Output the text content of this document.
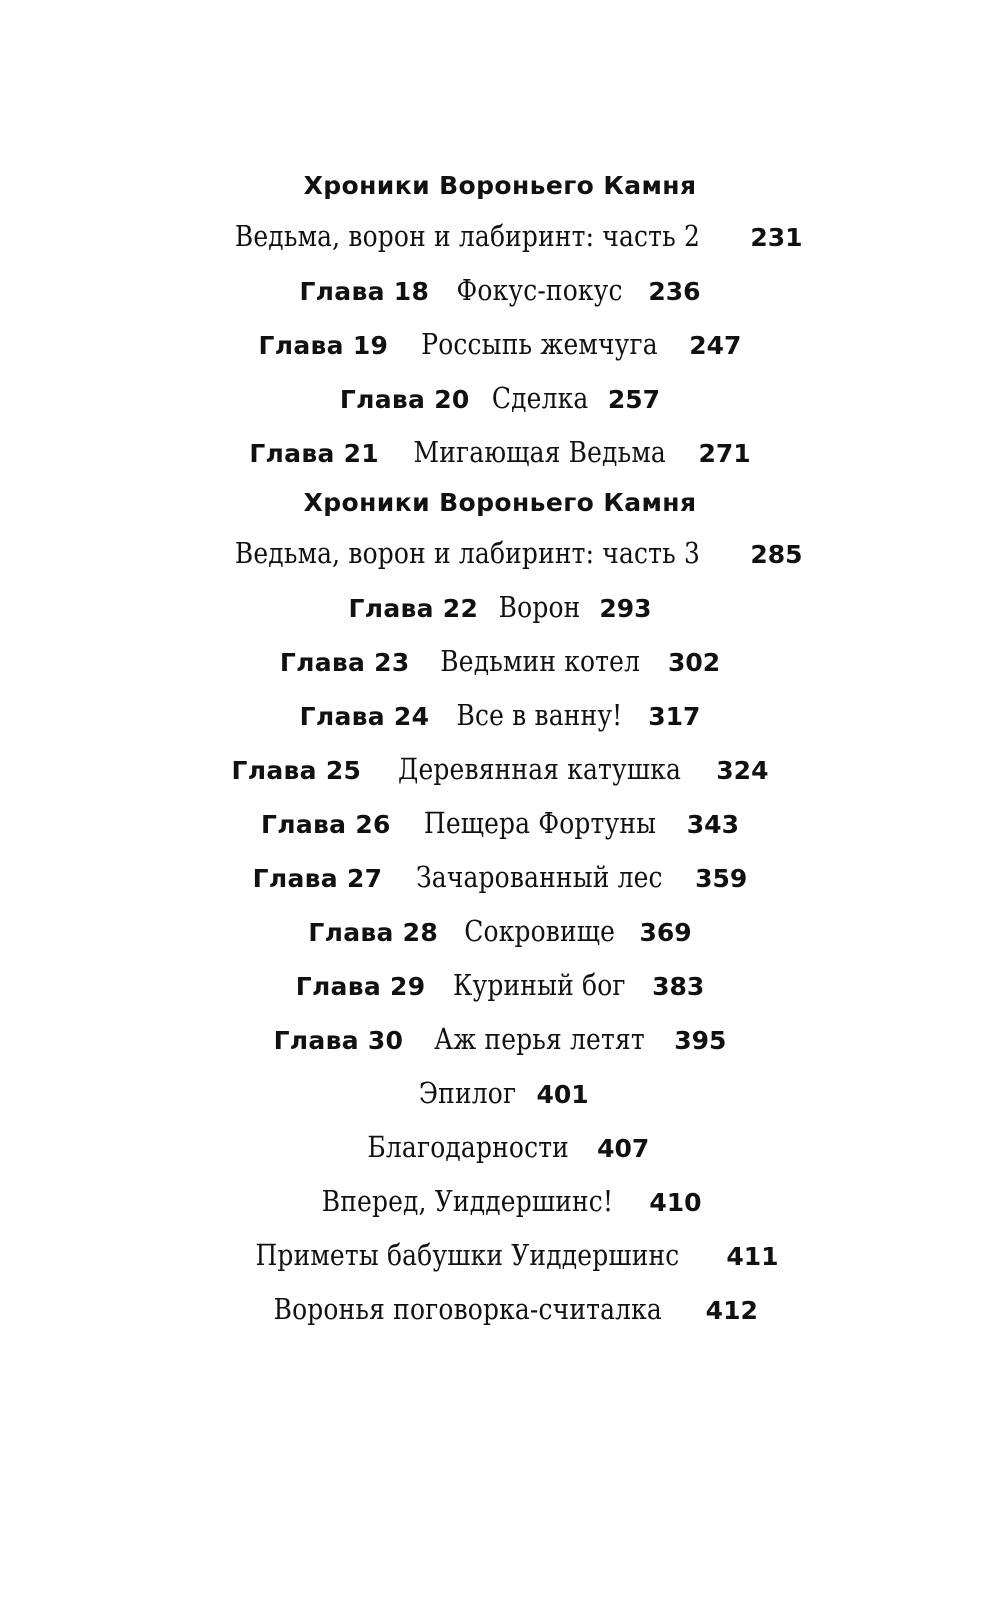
Хроники Вороньего Камня
Ведьма, ворон и лабиринт: часть 2 231
Глава 18 Фокус-покус 236
Глава 19 Россыпь жемчуга 247
Глава 20 Сделка 257
Глава 21 Мигающая Ведьма 271
Хроники Вороньего Камня
Ведьма, ворон и лабиринт: часть 3 285
Глава 22 Ворон 293
Глава 23 Ведьмин котел 302
Глава 24 Все в ванну! 317
Глава 25 Деревянная катушка 324
Глава 26 Пещера Фортуны 343
Глава 27 Зачарованный лес 359
Глава 28 Сокровище 369
Глава 29 Куриный бог 383
Глава 30 Аж перья летят 395
Эпилог 401
Благодарности 407
Вперед, Уиддершинс! 410
Приметы бабушки Уиддершинс 411
Воронья поговорка-считалка 412
